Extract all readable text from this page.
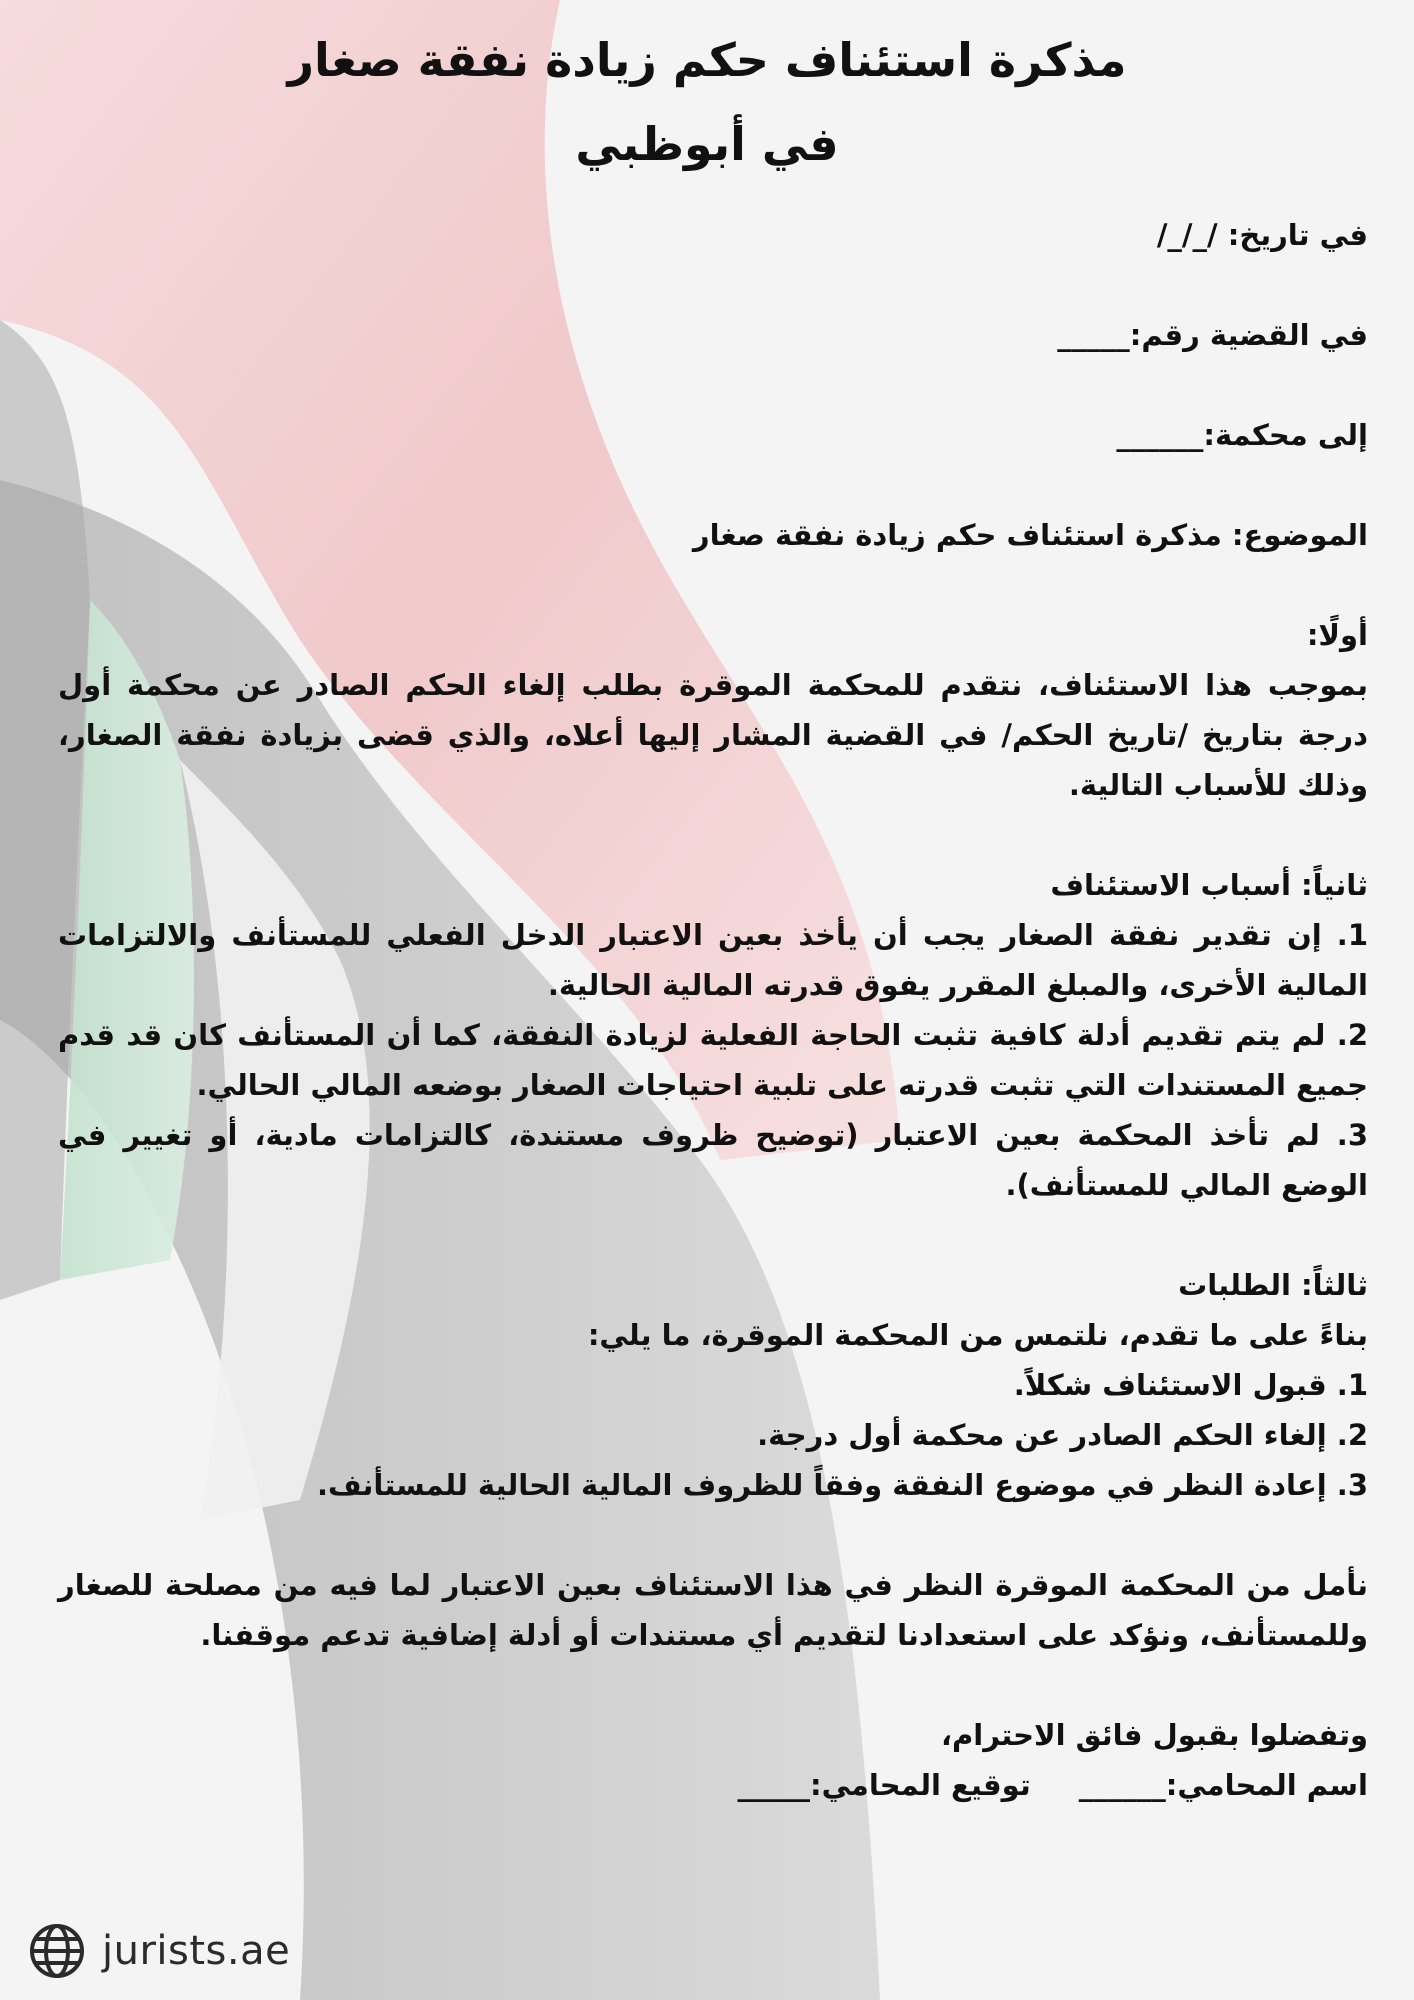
مذكرة استئناف حكم زيادة نفقة صغار
في أبوظبي
في تاريخ: /_/_/
في القضية رقم:_____
إلى محكمة:______
الموضوع: مذكرة استئناف حكم زيادة نفقة صغار
أولًا:
بموجب هذا الاستئناف، نتقدم للمحكمة الموقرة بطلب إلغاء الحكم الصادر عن محكمة أول درجة بتاريخ /تاريخ الحكم/ في القضية المشار إليها أعلاه، والذي قضى بزيادة نفقة الصغار، وذلك للأسباب التالية.
ثانياً: أسباب الاستئناف
1. إن تقدير نفقة الصغار يجب أن يأخذ بعين الاعتبار الدخل الفعلي للمستأنف والالتزامات المالية الأخرى، والمبلغ المقرر يفوق قدرته المالية الحالية.
2. لم يتم تقديم أدلة كافية تثبت الحاجة الفعلية لزيادة النفقة، كما أن المستأنف كان قد قدم جميع المستندات التي تثبت قدرته على تلبية احتياجات الصغار بوضعه المالي الحالي.
3. لم تأخذ المحكمة بعين الاعتبار (توضيح ظروف مستندة، كالتزامات مادية، أو تغيير في الوضع المالي للمستأنف).
ثالثاً: الطلبات
بناءً على ما تقدم، نلتمس من المحكمة الموقرة، ما يلي:
1. قبول الاستئناف شكلاً.
2. إلغاء الحكم الصادر عن محكمة أول درجة.
3. إعادة النظر في موضوع النفقة وفقاً للظروف المالية الحالية للمستأنف.
نأمل من المحكمة الموقرة النظر في هذا الاستئناف بعين الاعتبار لما فيه من مصلحة للصغار وللمستأنف، ونؤكد على استعدادنا لتقديم أي مستندات أو أدلة إضافية تدعم موقفنا.
وتفضلوا بقبول فائق الاحترام،
اسم المحامي:______توقيع المحامي:_____
jurists.ae
